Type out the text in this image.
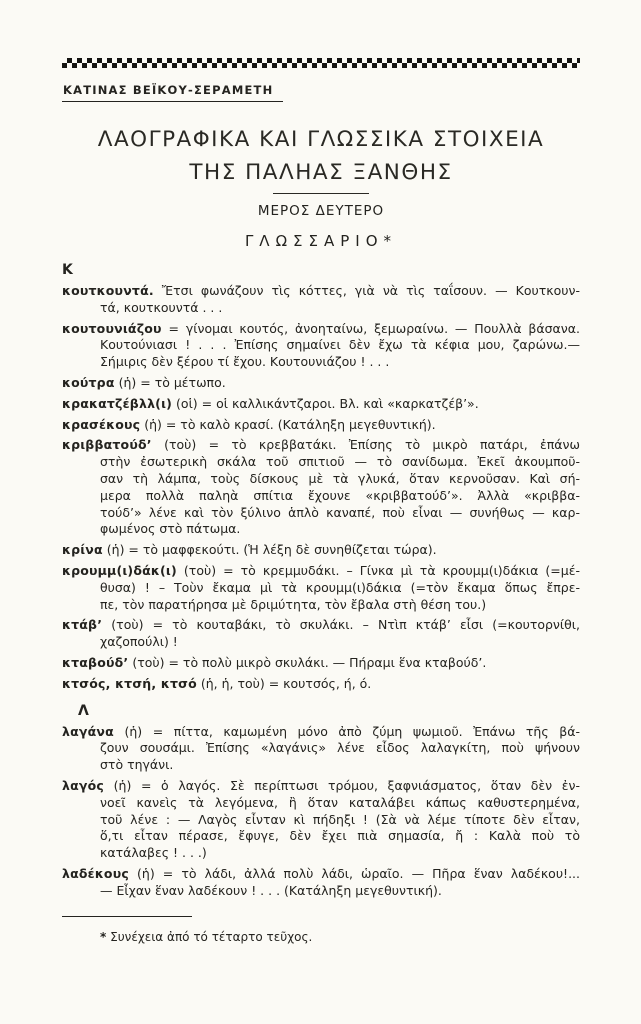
ΚΑΤΙΝΑΣ ΒΕΪΚΟΥ-ΣΕΡΑΜΕΤΗ
ΛΑΟΓΡΑΦΙΚΑ ΚΑΙ ΓΛΩΣΣΙΚΑ ΣΤΟΙΧΕΙΑ
ΤΗΣ ΠΑΛΗΑΣ ΞΑΝΘΗΣ
ΜΕΡΟΣ ΔΕΥΤΕΡΟ
ΓΛΩΣΣΑΡΙΟ*
Κ
κουτκουντά. Ἔτσι φωνάζουν τὶς κόττες, γιὰ νὰ τὶς ταΐσουν. — Κουτκουν-
τά, κουτκουντά . . .
κουτουνιάζου = γίνομαι κουτός, ἀνοηταίνω, ξεμωραίνω. — Πουλλὰ βάσανα.
Κουτούνιασι ! . . . Ἐπίσης σημαίνει δὲν ἔχω τὰ κέφια μου, ζαρώνω.—
Σήμιρις δὲν ξέρου τί ἔχου. Κουτουνιάζου ! . . .
κούτρα (ἡ) = τὸ μέτωπο.
κρακατζέβλλ(ι) (οἱ) = οἱ καλλικάντζαροι. Βλ. καὶ «καρκατζέβ’».
κρασέκους (ἡ) = τὸ καλὸ κρασί. (Κατάληξη μεγεθυντική).
κριββατούδ’ (τοὺ) = τὸ κρεββατάκι. Ἐπίσης τὸ μικρὸ πατάρι, ἐπάνω
στὴν ἐσωτερικὴ σκάλα τοῦ σπιτιοῦ — τὸ σανίδωμα. Ἐκεῖ ἀκουμποῦ-
σαν τὴ λάμπα, τοὺς δίσκους μὲ τὰ γλυκά, ὅταν κερνοῦσαν. Καὶ σή-
μερα πολλὰ παληὰ σπίτια ἔχουνε «κριββατούδ’». Ἀλλὰ «κριββα-
τούδ’» λένε καὶ τὸν ξύλινο ἁπλὸ καναπέ, ποὺ εἶναι — συνήθως — καρ-
φωμένος στὸ πάτωμα.
κρίνα (ἡ) = τὸ μαφφεκούτι. (Ἡ λέξη δὲ συνηθίζεται τώρα).
κρουμμ(ι)δάκ(ι) (τοὺ) = τὸ κρεμμυδάκι. – Γίνκα μὶ τὰ κρουμμ(ι)δάκια (=μέ-
θυσα) ! – Τοὺν ἔκαμα μὶ τὰ κρουμμ(ι)δάκια (=τὸν ἔκαμα ὅπως ἔπρε-
πε, τὸν παρατήρησα μὲ δριμύτητα, τὸν ἔβαλα στὴ θέση του.)
κτάβ’ (τοὺ) = τὸ κουταβάκι, τὸ σκυλάκι. – Ντὶπ κτάβ’ εἶσι (=κουτορνίθι,
χαζοπούλι) !
κταβούδ’ (τοὺ) = τὸ πολὺ μικρὸ σκυλάκι. — Πήραμι ἕνα κταβούδ’.
κτσός, κτσή, κτσό (ἡ, ἡ, τοὺ) = κουτσός, ή, ό.
Λ
λαγάνα (ἡ) = πίττα, καμωμένη μόνο ἀπὸ ζύμη ψωμιοῦ. Ἐπάνω τῆς βά-
ζουν σουσάμι. Ἐπίσης «λαγάνις» λένε εἶδος λαλαγκίτη, ποὺ ψήνουν
στὸ τηγάνι.
λαγός (ἡ) = ὁ λαγός. Σὲ περίπτωσι τρόμου, ξαφνιάσματος, ὅταν δὲν ἐν-
νοεῖ κανεὶς τὰ λεγόμενα, ἢ ὅταν καταλάβει κάπως καθυστερημένα,
τοῦ λένε : — Λαγὸς εἶνταν κὶ πήδηξι ! (Σὰ νὰ λέμε τίποτε δὲν εἶταν,
ὅ,τι εἶταν πέρασε, ἔφυγε, δὲν ἔχει πιὰ σημασία, ἤ : Καλὰ ποὺ τὸ
κατάλαβες ! . . .)
λαδέκους (ἡ) = τὸ λάδι, ἀλλά πολὺ λάδι, ὡραῖο. — Πῆρα ἕναν λαδέκου!...
— Εἶχαν ἕναν λαδέκουν ! . . . (Κατάληξη μεγεθυντική).
* Συνέχεια ἀπό τό τέταρτο τεῦχος.
